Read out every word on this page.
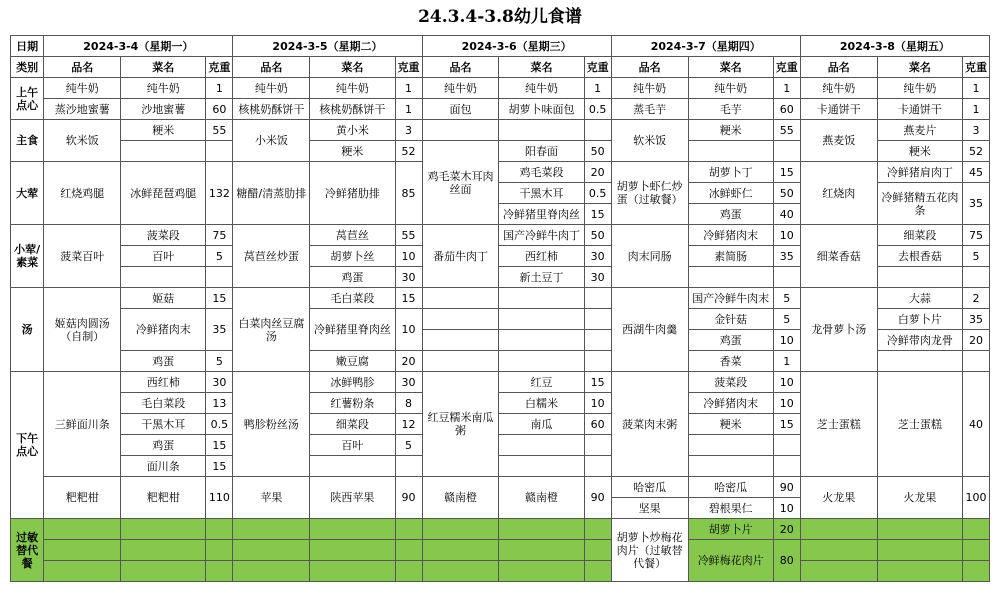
24.3.4-3.8幼儿食谱
日期	2024-3-4（星期一）			2024-3-5（星期二）			2024-3-6（星期三）			2024-3-7（星期四）			2024-3-8（星期五）		
类别	品名	菜名	克重	品名	菜名	克重	品名	菜名	克重	品名	菜名	克重	品名	菜名	克重
上午点心	纯牛奶	纯牛奶	1	纯牛奶	纯牛奶	1	纯牛奶	纯牛奶	1	纯牛奶	纯牛奶	1	纯牛奶	纯牛奶	1
	蒸沙地蜜薯	沙地蜜薯	60	核桃奶酥饼干	核桃奶酥饼干	1	面包	胡萝卜味面包	0.5	蒸毛芋	毛芋	60	卡通饼干	卡通饼干	1
主食	软米饭	粳米	55	小米饭	黄小米	3				软米饭	粳米	55	燕麦饭	燕麦片	3
					粳米	52	鸡毛菜木耳肉丝面	阳春面	50					粳米	52
大荤	红烧鸡腿	冰鲜琵琶鸡腿	132	糖醋/清蒸肋排	冷鲜猪肋排	85		鸡毛菜段	20	胡萝卜虾仁炒蛋（过敏餐）	胡萝卜丁	15	红烧肉	冷鲜猪肩肉丁	45
								干黑木耳	0.5		冰鲜虾仁	50		冷鲜猪精五花肉条	35
								冷鲜猪里脊肉丝	15		鸡蛋	40			
小荤/素菜	菠菜百叶	菠菜段	75	莴苣丝炒蛋	莴苣丝	55	番茄牛肉丁	国产冷鲜牛肉丁	50	肉末同肠	冷鲜猪肉末	10	细菜香菇	细菜段	75
		百叶	5		胡萝卜丝	10		西红柿	30		素简肠	35		去根香菇	5
					鸡蛋	30		新土豆丁	30						
汤	姬菇肉圆汤（自制）	姬菇	15	白菜肉丝豆腐汤	毛白菜段	15				西湖牛肉羹	国产冷鲜牛肉末	5	龙骨萝卜汤	大蒜	2
		冷鲜猪肉末	35		冷鲜猪里脊肉丝	10					金针菇	5		白萝卜片	35
											鸡蛋	10		冷鲜带肉龙骨	20
		鸡蛋	5		嫩豆腐	20					香菜	1			
下午点心	三鲜面川条	西红柿	30	鸭胗粉丝汤	冰鲜鸭胗	30	红豆糯米南瓜粥	红豆	15	菠菜肉末粥	菠菜段	10	芝士蛋糕	芝士蛋糕	40
		毛白菜段	13		红薯粉条	8		白糯米	10		冷鲜猪肉末	10			
		干黑木耳	0.5		细菜段	12		南瓜	60		粳米	15			
		鸡蛋	15		百叶	5									
		面川条	15												
	粑粑柑	粑粑柑	110	苹果	陕西苹果	90	赣南橙	赣南橙	90	哈密瓜	哈密瓜	90	火龙果	火龙果	100
										坚果	碧根果仁	10			
过敏替代餐										胡萝卜炒梅花肉片（过敏替代餐）	胡萝卜片	20			
											冷鲜梅花肉片	80			
